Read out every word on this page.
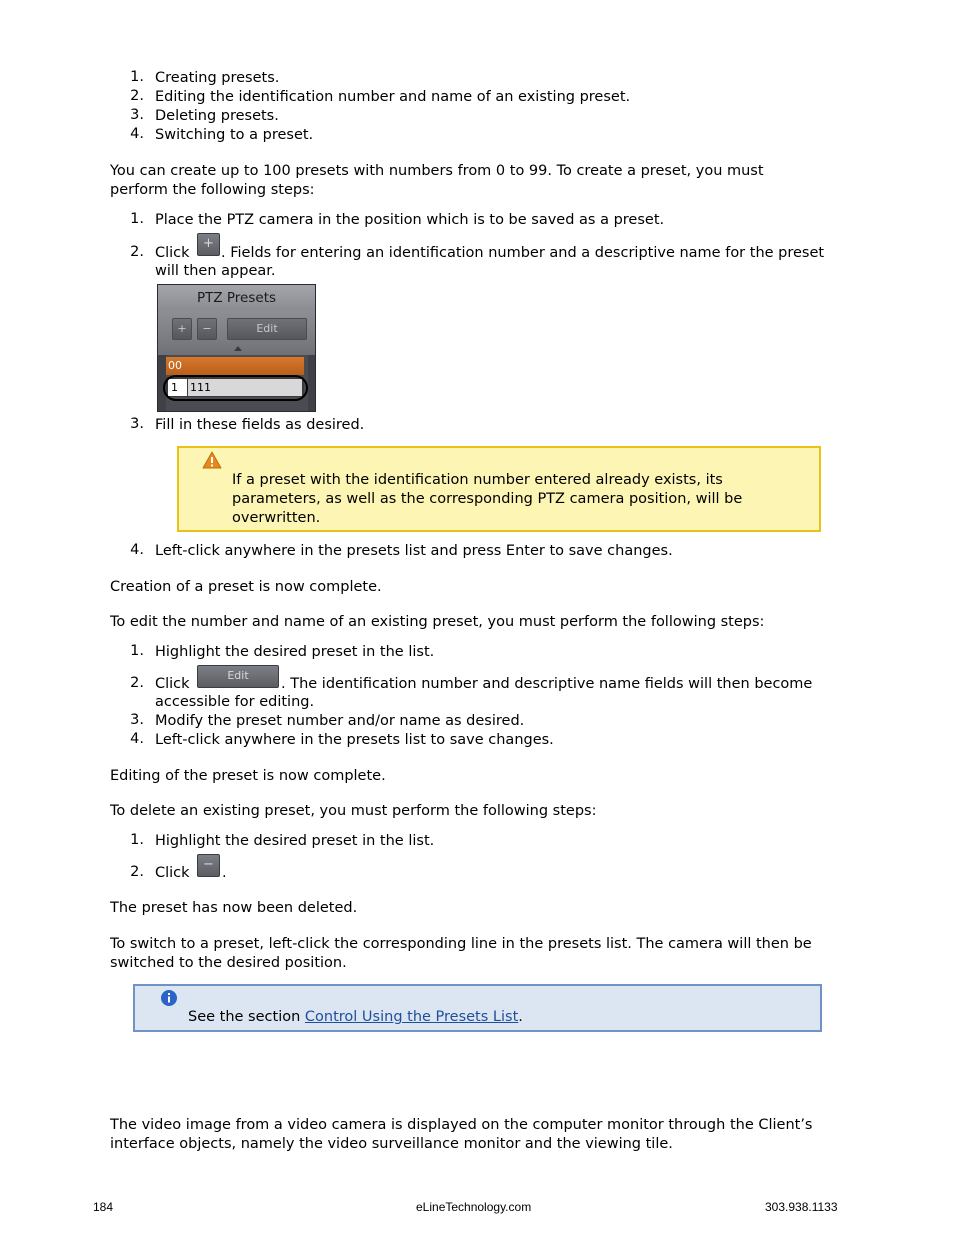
1. Creating presets.
2. Editing the identification number and name of an existing preset.
3. Deleting presets.
4. Switching to a preset.
You can create up to 100 presets with numbers from 0 to 99. To create a preset, you must
perform the following steps:
1. Place the PTZ camera in the position which is to be saved as a preset.
2. Click
+
. Fields for entering an identification number and a descriptive name for the preset
will then appear.
PTZ Presets
+	−	Edit
00
1	111
3. Fill in these fields as desired.
If a preset with the identification number entered already exists, its
parameters, as well as the corresponding PTZ camera position, will be
overwritten.
4. Left-click anywhere in the presets list and press Enter to save changes.
Creation of a preset is now complete.
To edit the number and name of an existing preset, you must perform the following steps:
1. Highlight the desired preset in the list.
2. Click
Edit
. The identification number and descriptive name fields will then become
accessible for editing.
3. Modify the preset number and/or name as desired.
4. Left-click anywhere in the presets list to save changes.
Editing of the preset is now complete.
To delete an existing preset, you must perform the following steps:
1. Highlight the desired preset in the list.
2. Click
−
.
The preset has now been deleted.
To switch to a preset, left-click the corresponding line in the presets list. The camera will then be
switched to the desired position.
See the section Control Using the Presets List.
The video image from a video camera is displayed on the computer monitor through the Client’s
interface objects, namely the video surveillance monitor and the viewing tile.
184	eLineTechnology.com	303.938.1133
